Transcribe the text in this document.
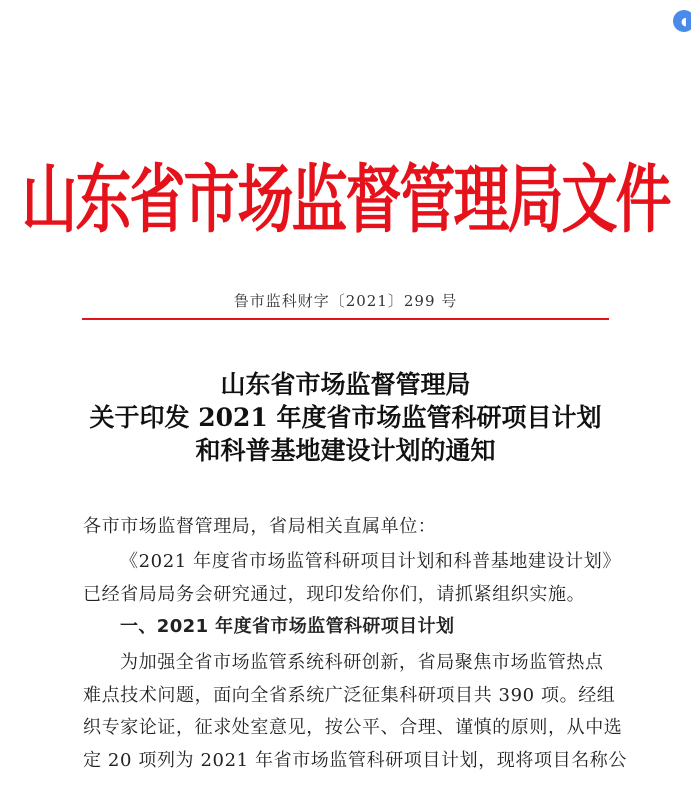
◖
山东省市场监督管理局文件
鲁市监科财字〔2021〕299 号
山东省市场监督管理局
关于印发 2021 年度省市场监管科研项目计划
和科普基地建设计划的通知
各市市场监督管理局，省局相关直属单位：
《2021 年度省市场监管科研项目计划和科普基地建设计划》
已经省局局务会研究通过，现印发给你们，请抓紧组织实施。
一、2021 年度省市场监管科研项目计划
为加强全省市场监管系统科研创新，省局聚焦市场监管热点
难点技术问题，面向全省系统广泛征集科研项目共 390 项。经组
织专家论证，征求处室意见，按公平、合理、谨慎的原则，从中选
定 20 项列为 2021 年省市场监管科研项目计划，现将项目名称公
